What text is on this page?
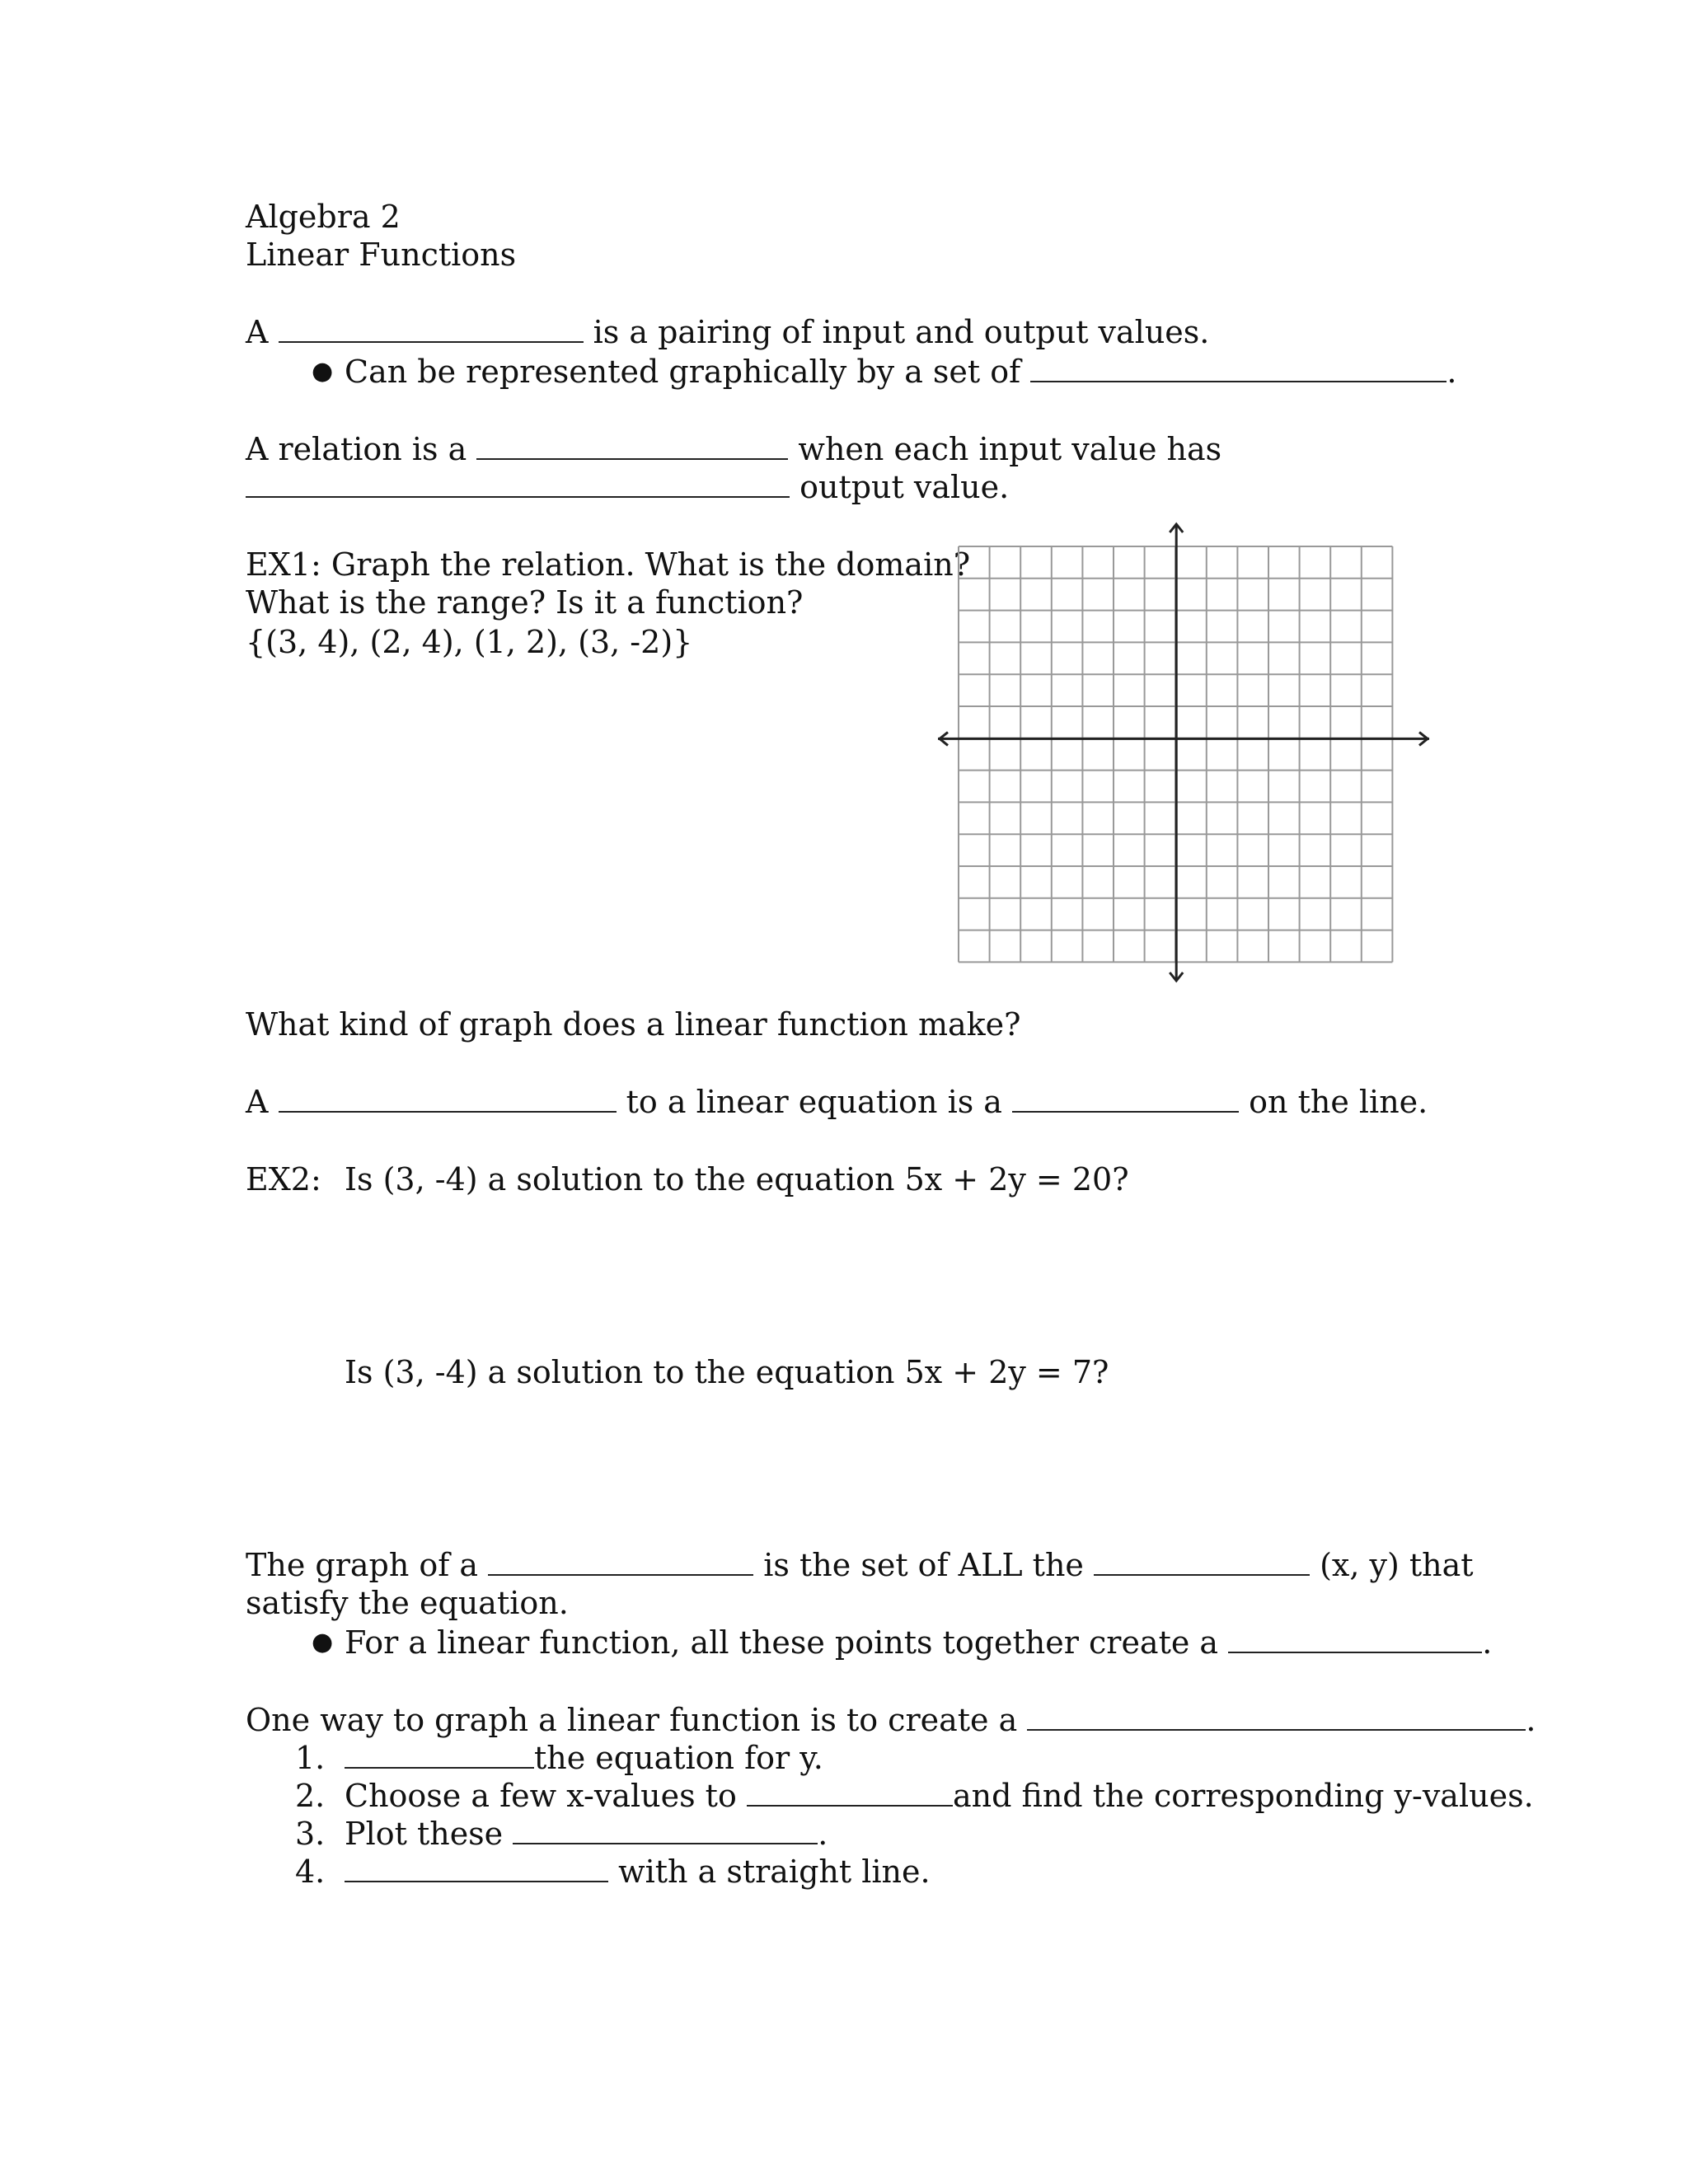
Algebra 2
Linear Functions
A	is a pairing of input and output values.
● Can be represented graphically by a set of	.
A relation is a	when each input value has
output value.
EX1: Graph the relation. What is the domain?
What is the range? Is it a function?
{(3, 4), (2, 4), (1, 2), (3, -2)}
What kind of graph does a linear function make?
A	to a linear equation is a	on the line.
EX2: Is (3, -4) a solution to the equation 5x + 2y = 20?
Is (3, -4) a solution to the equation 5x + 2y = 7?
The graph of a	is the set of ALL the	(x, y) that
satisfy the equation.
● For a linear function, all these points together create a	.
One way to graph a linear function is to create a	.
1.	the equation for y.
2. Choose a few x-values to	and find the corresponding y-values.
3. Plot these	.
4.	with a straight line.
